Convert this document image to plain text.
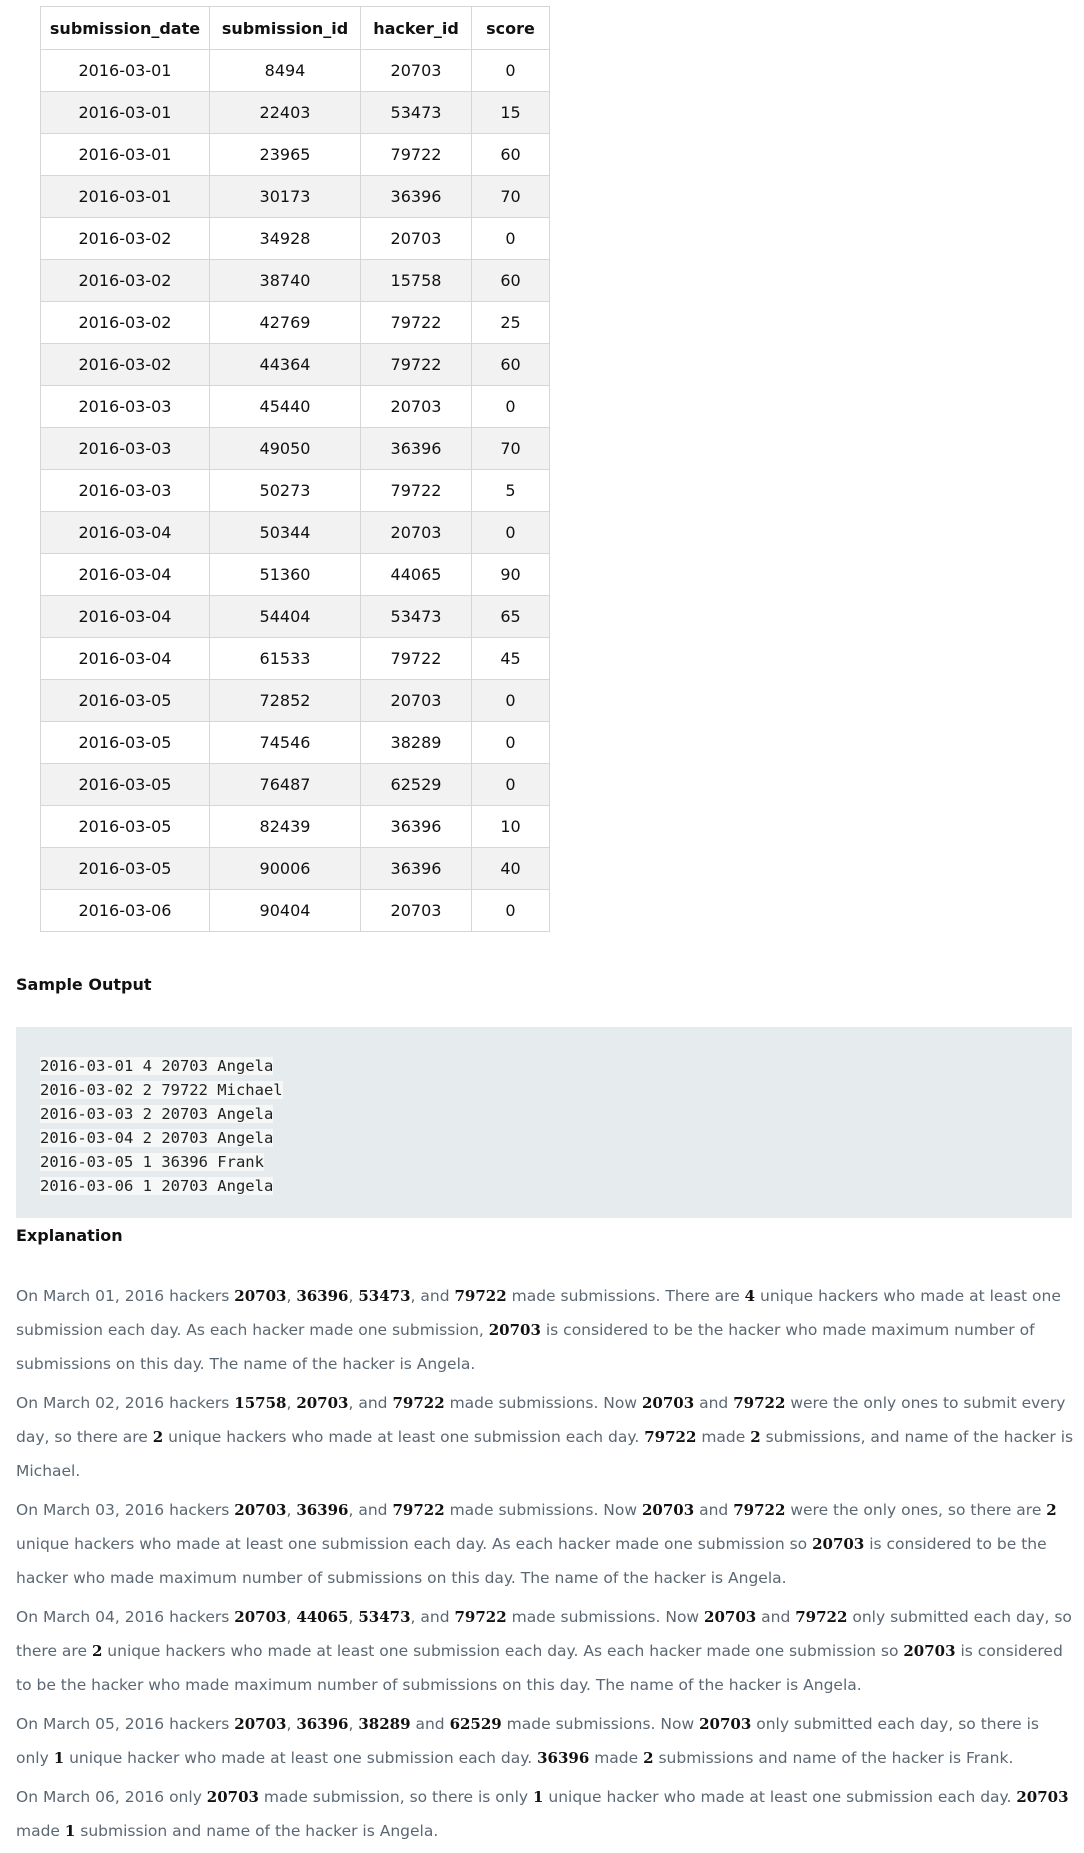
submission_date	submission_id	hacker_id	score
2016-03-01	8494	20703	0
2016-03-01	22403	53473	15
2016-03-01	23965	79722	60
2016-03-01	30173	36396	70
2016-03-02	34928	20703	0
2016-03-02	38740	15758	60
2016-03-02	42769	79722	25
2016-03-02	44364	79722	60
2016-03-03	45440	20703	0
2016-03-03	49050	36396	70
2016-03-03	50273	79722	5
2016-03-04	50344	20703	0
2016-03-04	51360	44065	90
2016-03-04	54404	53473	65
2016-03-04	61533	79722	45
2016-03-05	72852	20703	0
2016-03-05	74546	38289	0
2016-03-05	76487	62529	0
2016-03-05	82439	36396	10
2016-03-05	90006	36396	40
2016-03-06	90404	20703	0
Sample Output
2016-03-01 4 20703 Angela
2016-03-02 2 79722 Michael
2016-03-03 2 20703 Angela
2016-03-04 2 20703 Angela
2016-03-05 1 36396 Frank
2016-03-06 1 20703 Angela
Explanation

On March 01, 2016 hackers 20703, 36396, 53473, and 79722 made submissions. There are 4 unique hackers who made at least one submission each day. As each hacker made one submission, 20703 is considered to be the hacker who made maximum number of submissions on this day. The name of the hacker is Angela.

On March 02, 2016 hackers 15758, 20703, and 79722 made submissions. Now 20703 and 79722 were the only ones to submit every day, so there are 2 unique hackers who made at least one submission each day. 79722 made 2 submissions, and name of the hacker is Michael.

On March 03, 2016 hackers 20703, 36396, and 79722 made submissions. Now 20703 and 79722 were the only ones, so there are 2 unique hackers who made at least one submission each day. As each hacker made one submission so 20703 is considered to be the hacker who made maximum number of submissions on this day. The name of the hacker is Angela.

On March 04, 2016 hackers 20703, 44065, 53473, and 79722 made submissions. Now 20703 and 79722 only submitted each day, so there are 2 unique hackers who made at least one submission each day. As each hacker made one submission so 20703 is considered to be the hacker who made maximum number of submissions on this day. The name of the hacker is Angela.

On March 05, 2016 hackers 20703, 36396, 38289 and 62529 made submissions. Now 20703 only submitted each day, so there is only 1 unique hacker who made at least one submission each day. 36396 made 2 submissions and name of the hacker is Frank.

On March 06, 2016 only 20703 made submission, so there is only 1 unique hacker who made at least one submission each day. 20703 made 1 submission and name of the hacker is Angela.
